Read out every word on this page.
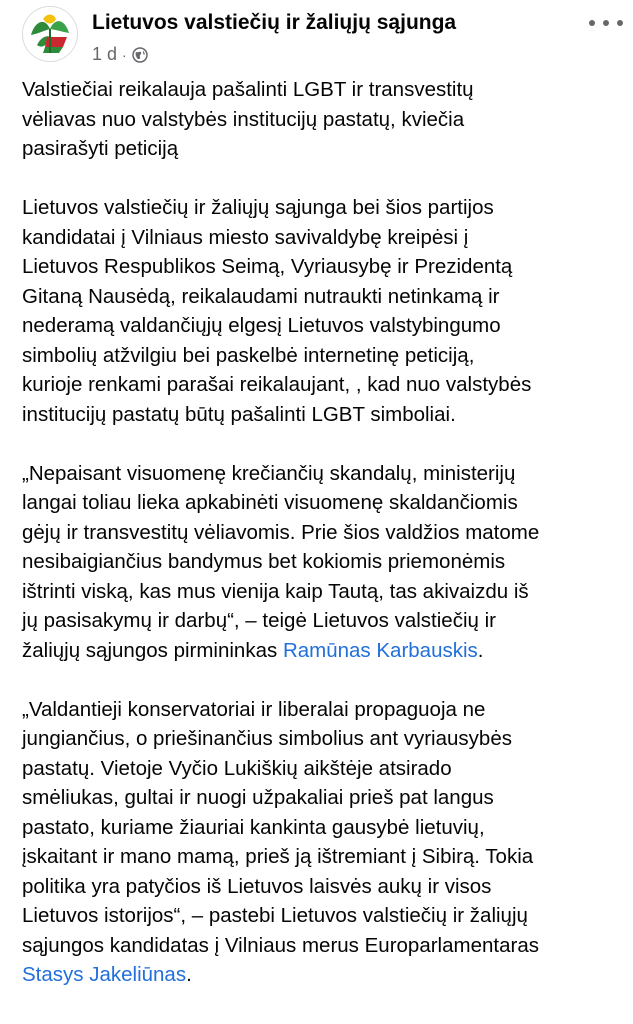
Lietuvos valstiečių ir žaliųjų sąjunga
1 d ·

Valstiečiai reikalauja pašalinti LGBT ir transvestitų
vėliavas nuo valstybės institucijų pastatų, kviečia
pasirašyti peticiją

Lietuvos valstiečių ir žaliųjų sąjunga bei šios partijos
kandidatai į Vilniaus miesto savivaldybę kreipėsi į
Lietuvos Respublikos Seimą, Vyriausybę ir Prezidentą
Gitaną Nausėdą, reikalaudami nutraukti netinkamą ir
nederamą valdančiųjų elgesį Lietuvos valstybingumo
simbolių atžvilgiu bei paskelbė internetinę peticiją,
kurioje renkami parašai reikalaujant, , kad nuo valstybės
institucijų pastatų būtų pašalinti LGBT simboliai.

„Nepaisant visuomenę krečiančių skandalų, ministerijų
langai toliau lieka apkabinėti visuomenę skaldančiomis
gėjų ir transvestitų vėliavomis. Prie šios valdžios matome
nesibaigiančius bandymus bet kokiomis priemonėmis
ištrinti viską, kas mus vienija kaip Tautą, tas akivaizdu iš
jų pasisakymų ir darbų“, – teigė Lietuvos valstiečių ir
žaliųjų sąjungos pirmininkas Ramūnas Karbauskis.

„Valdantieji konservatoriai ir liberalai propaguoja ne
jungiančius, o priešinančius simbolius ant vyriausybės
pastatų. Vietoje Vyčio Lukiškių aikštėje atsirado
smėliukas, gultai ir nuogi užpakaliai prieš pat langus
pastato, kuriame žiauriai kankinta gausybė lietuvių,
įskaitant ir mano mamą, prieš ją ištremiant į Sibirą. Tokia
politika yra patyčios iš Lietuvos laisvės aukų ir visos
Lietuvos istorijos“, – pastebi Lietuvos valstiečių ir žaliųjų
sąjungos kandidatas į Vilniaus merus Europarlamentaras
Stasys Jakeliūnas.
